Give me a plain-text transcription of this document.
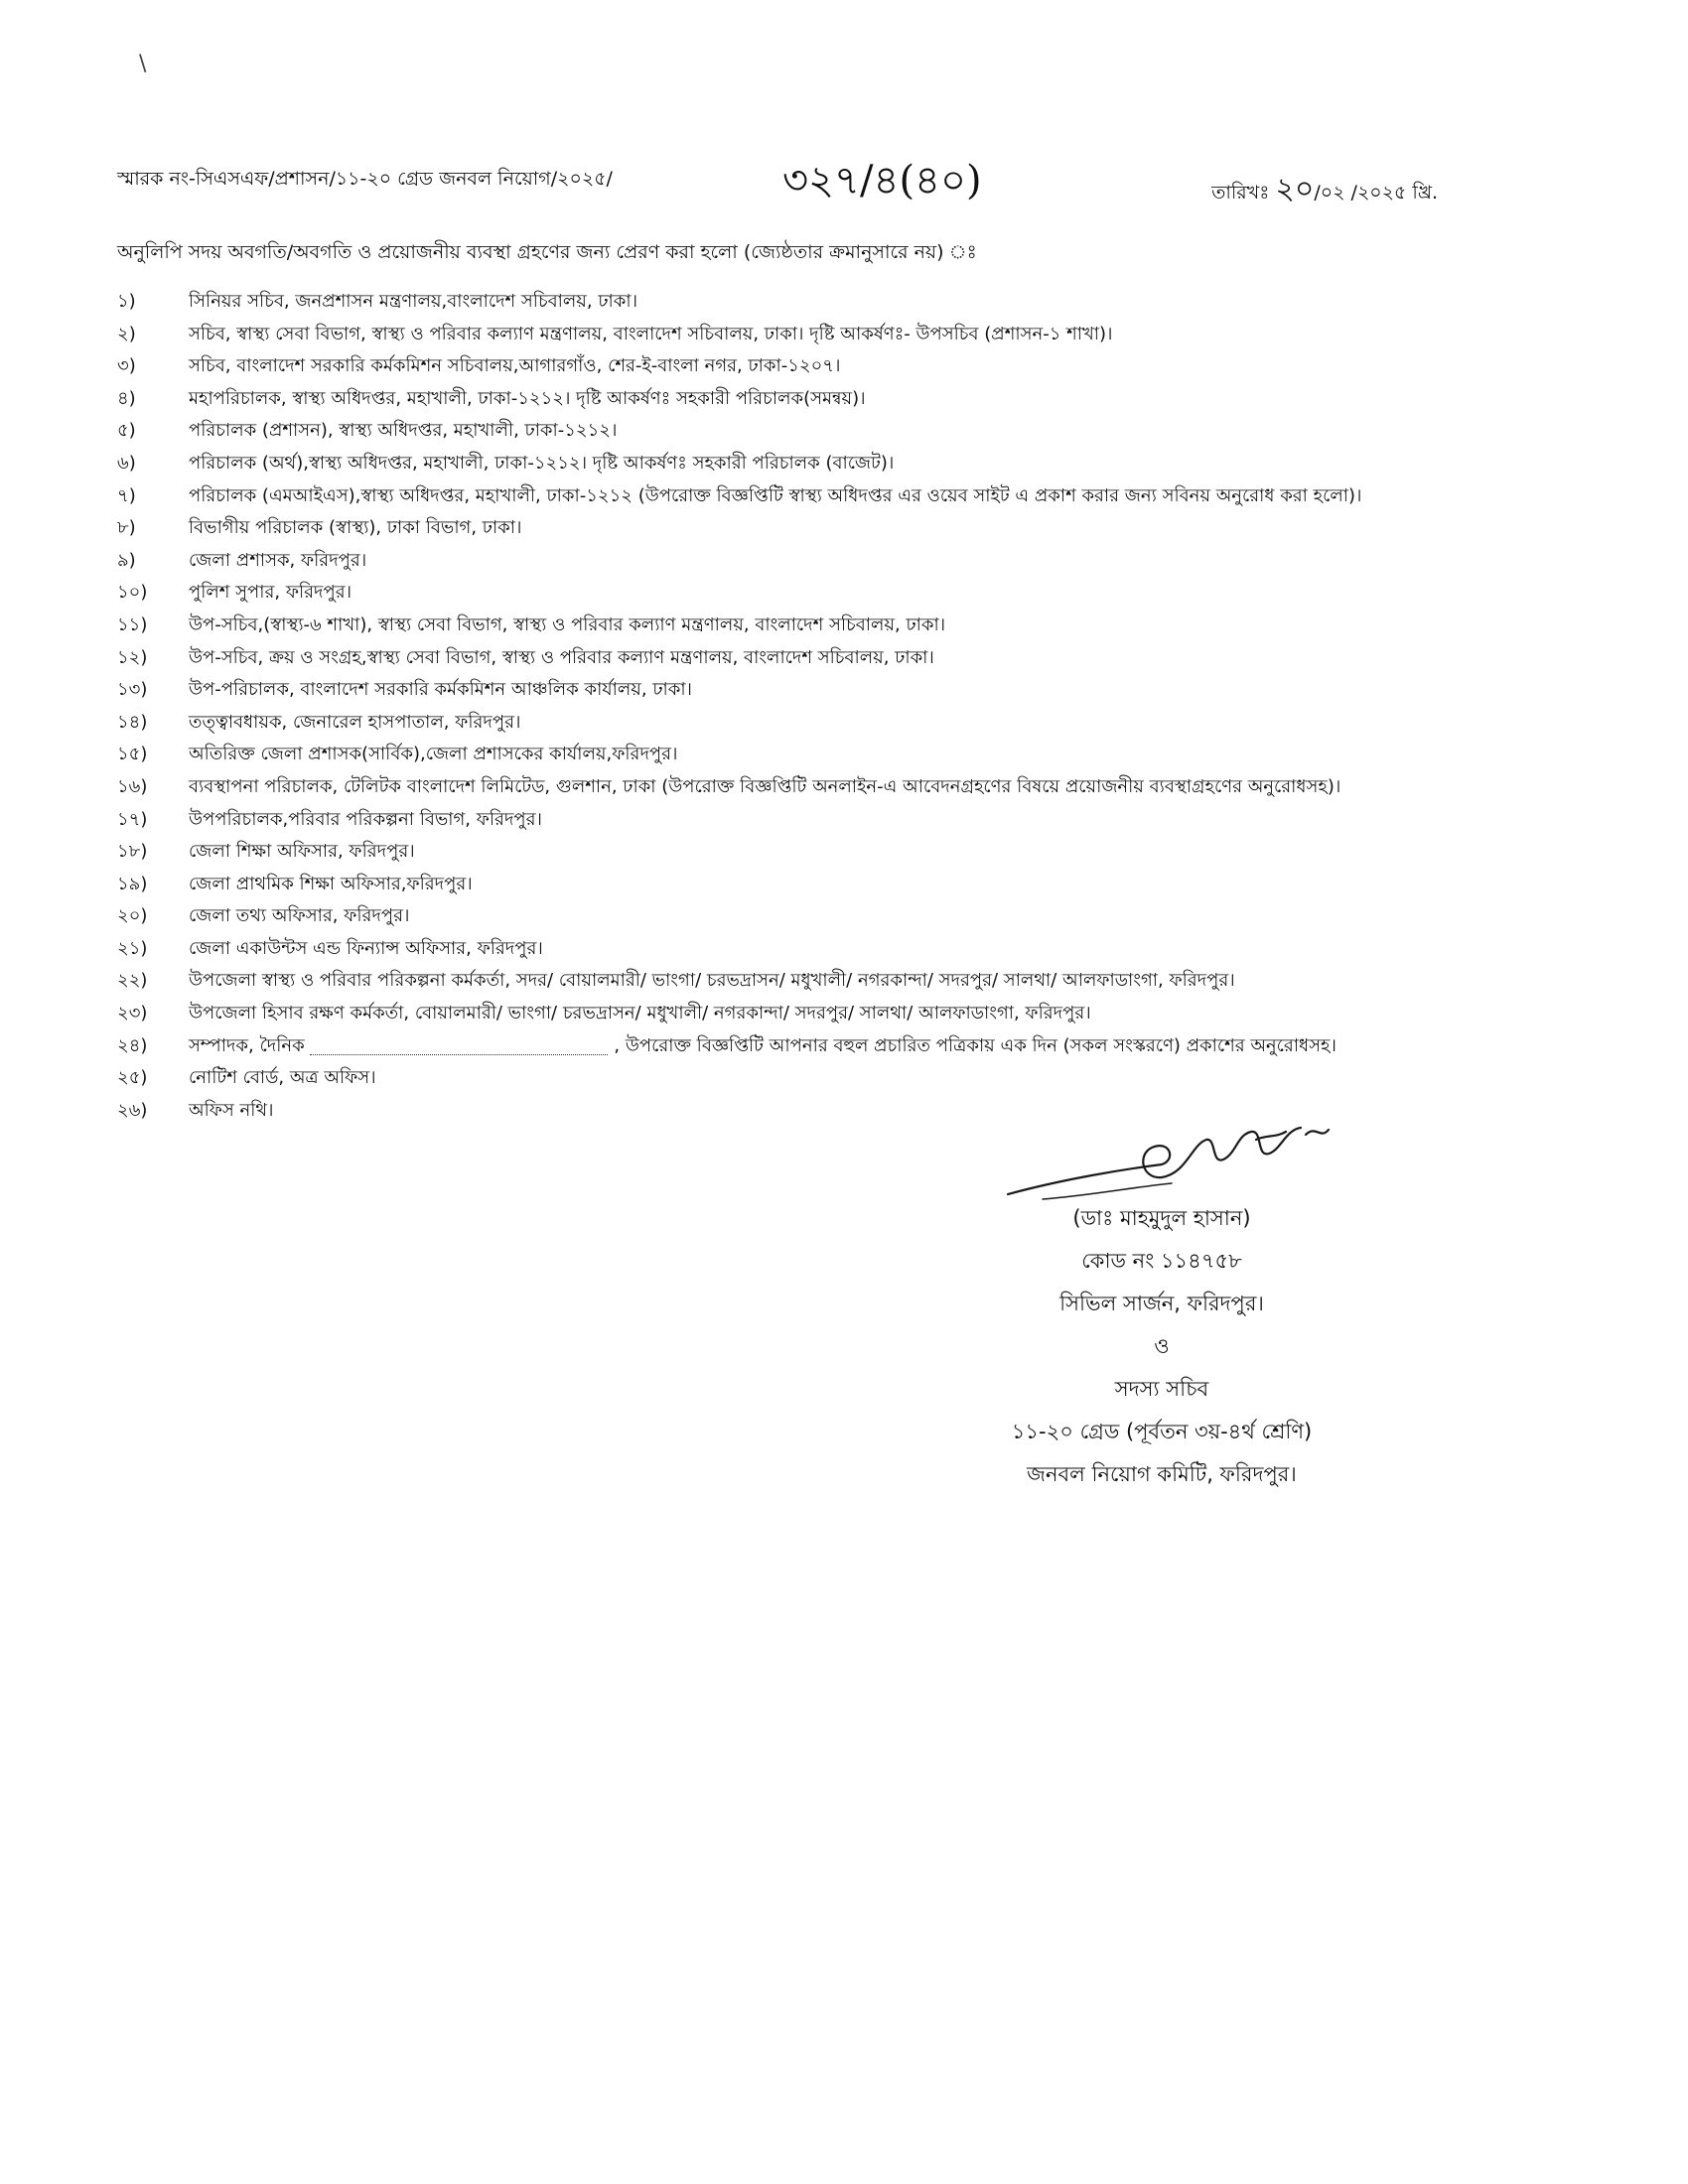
\
স্মারক নং-সিএসএফ/প্রশাসন/১১-২০ গ্রেড জনবল নিয়োগ/২০২৫/	৩২৭/৪(৪০)	তারিখঃ ২০/০২ /২০২৫ খ্রি.
অনুলিপি সদয় অবগতি/অবগতি ও প্রয়োজনীয় ব্যবস্থা গ্রহণের জন্য প্রেরণ করা হলো (জ্যেষ্ঠতার ক্রমানুসারে নয়) ঃ
১)	সিনিয়র সচিব, জনপ্রশাসন মন্ত্রণালয়,বাংলাদেশ সচিবালয়, ঢাকা।
২)	সচিব, স্বাস্থ্য সেবা বিভাগ, স্বাস্থ্য ও পরিবার কল্যাণ মন্ত্রণালয়, বাংলাদেশ সচিবালয়, ঢাকা। দৃষ্টি আকর্ষণঃ- উপসচিব (প্রশাসন-১ শাখা)।
৩)	সচিব, বাংলাদেশ সরকারি কর্মকমিশন সচিবালয়,আগারগাঁও, শের-ই-বাংলা নগর, ঢাকা-১২০৭।
৪)	মহাপরিচালক, স্বাস্থ্য অধিদপ্তর, মহাখালী, ঢাকা-১২১২। দৃষ্টি আকর্ষণঃ সহকারী পরিচালক(সমন্বয়)।
৫)	পরিচালক (প্রশাসন), স্বাস্থ্য অধিদপ্তর, মহাখালী, ঢাকা-১২১২।
৬)	পরিচালক (অর্থ),স্বাস্থ্য অধিদপ্তর, মহাখালী, ঢাকা-১২১২। দৃষ্টি আকর্ষণঃ সহকারী পরিচালক (বাজেট)।
৭)	পরিচালক (এমআইএস),স্বাস্থ্য অধিদপ্তর, মহাখালী, ঢাকা-১২১২ (উপরোক্ত বিজ্ঞপ্তিটি স্বাস্থ্য অধিদপ্তর এর ওয়েব সাইট এ প্রকাশ করার জন্য সবিনয় অনুরোধ করা হলো)।
৮)	বিভাগীয় পরিচালক (স্বাস্থ্য), ঢাকা বিভাগ, ঢাকা।
৯)	জেলা প্রশাসক, ফরিদপুর।
১০) পুলিশ সুপার, ফরিদপুর।
১১) উপ-সচিব,(স্বাস্থ্য-৬ শাখা), স্বাস্থ্য সেবা বিভাগ, স্বাস্থ্য ও পরিবার কল্যাণ মন্ত্রণালয়, বাংলাদেশ সচিবালয়, ঢাকা।
১২) উপ-সচিব, ক্রয় ও সংগ্রহ,স্বাস্থ্য সেবা বিভাগ, স্বাস্থ্য ও পরিবার কল্যাণ মন্ত্রণালয়, বাংলাদেশ সচিবালয়, ঢাকা।
১৩) উপ-পরিচালক, বাংলাদেশ সরকারি কর্মকমিশন আঞ্চলিক কার্যালয়, ঢাকা।
১৪) তত্ত্বাবধায়ক, জেনারেল হাসপাতাল, ফরিদপুর।
১৫) অতিরিক্ত জেলা প্রশাসক(সার্বিক),জেলা প্রশাসকের কার্যালয়,ফরিদপুর।
১৬) ব্যবস্থাপনা পরিচালক, টেলিটক বাংলাদেশ লিমিটেড, গুলশান, ঢাকা (উপরোক্ত বিজ্ঞপ্তিটি অনলাইন-এ আবেদনগ্রহণের বিষয়ে প্রয়োজনীয় ব্যবস্থাগ্রহণের অনুরোধসহ)।
১৭) উপপরিচালক,পরিবার পরিকল্পনা বিভাগ, ফরিদপুর।
১৮) জেলা শিক্ষা অফিসার, ফরিদপুর।
১৯) জেলা প্রাথমিক শিক্ষা অফিসার,ফরিদপুর।
২০) জেলা তথ্য অফিসার, ফরিদপুর।
২১) জেলা একাউন্টস এন্ড ফিন্যান্স অফিসার, ফরিদপুর।
২২) উপজেলা স্বাস্থ্য ও পরিবার পরিকল্পনা কর্মকর্তা, সদর/ বোয়ালমারী/ ভাংগা/ চরভদ্রাসন/ মধুখালী/ নগরকান্দা/ সদরপুর/ সালথা/ আলফাডাংগা, ফরিদপুর।
২৩) উপজেলা হিসাব রক্ষণ কর্মকর্তা, বোয়ালমারী/ ভাংগা/ চরভদ্রাসন/ মধুখালী/ নগরকান্দা/ সদরপুর/ সালথা/ আলফাডাংগা, ফরিদপুর।
২৪) সম্পাদক, দৈনিক	, উপরোক্ত বিজ্ঞপ্তিটি আপনার বহুল প্রচারিত পত্রিকায় এক দিন (সকল সংস্করণে) প্রকাশের অনুরোধসহ।
২৫) নোটিশ বোর্ড, অত্র অফিস।
২৬) অফিস নথি।
(ডাঃ মাহমুদুল হাসান)
কোড নং ১১৪৭৫৮
সিভিল সার্জন, ফরিদপুর।
ও
সদস্য সচিব
১১-২০ গ্রেড (পূর্বতন ৩য়-৪র্থ শ্রেণি)
জনবল নিয়োগ কমিটি, ফরিদপুর।
